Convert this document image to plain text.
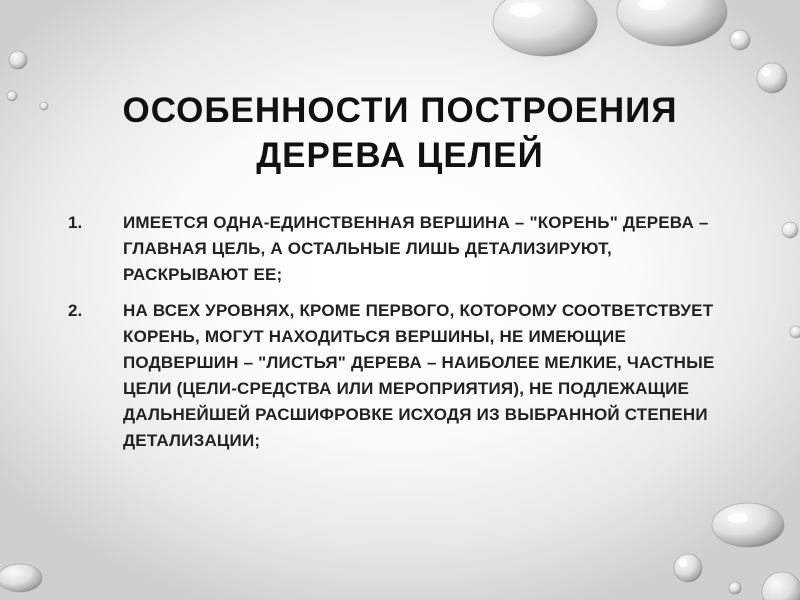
ОСОБЕННОСТИ ПОСТРОЕНИЯ
ДЕРЕВА ЦЕЛЕЙ
1.	ИМЕЕТСЯ ОДНА-ЕДИНСТВЕННАЯ ВЕРШИНА – "КОРЕНЬ" ДЕРЕВА – ГЛАВНАЯ ЦЕЛЬ, А ОСТАЛЬНЫЕ ЛИШЬ ДЕТАЛИЗИРУЮТ, РАСКРЫВАЮТ ЕЕ;
2.	НА ВСЕХ УРОВНЯХ, КРОМЕ ПЕРВОГО, КОТОРОМУ СООТВЕТСТВУЕТ КОРЕНЬ, МОГУТ НАХОДИТЬСЯ ВЕРШИНЫ, НЕ ИМЕЮЩИЕ ПОДВЕРШИН – "ЛИСТЬЯ" ДЕРЕВА – НАИБОЛЕЕ МЕЛКИЕ, ЧАСТНЫЕ ЦЕЛИ (ЦЕЛИ-СРЕДСТВА ИЛИ МЕРОПРИЯТИЯ), НЕ ПОДЛЕЖАЩИЕ ДАЛЬНЕЙШЕЙ РАСШИФРОВКЕ ИСХОДЯ ИЗ ВЫБРАННОЙ СТЕПЕНИ ДЕТАЛИЗАЦИИ;
